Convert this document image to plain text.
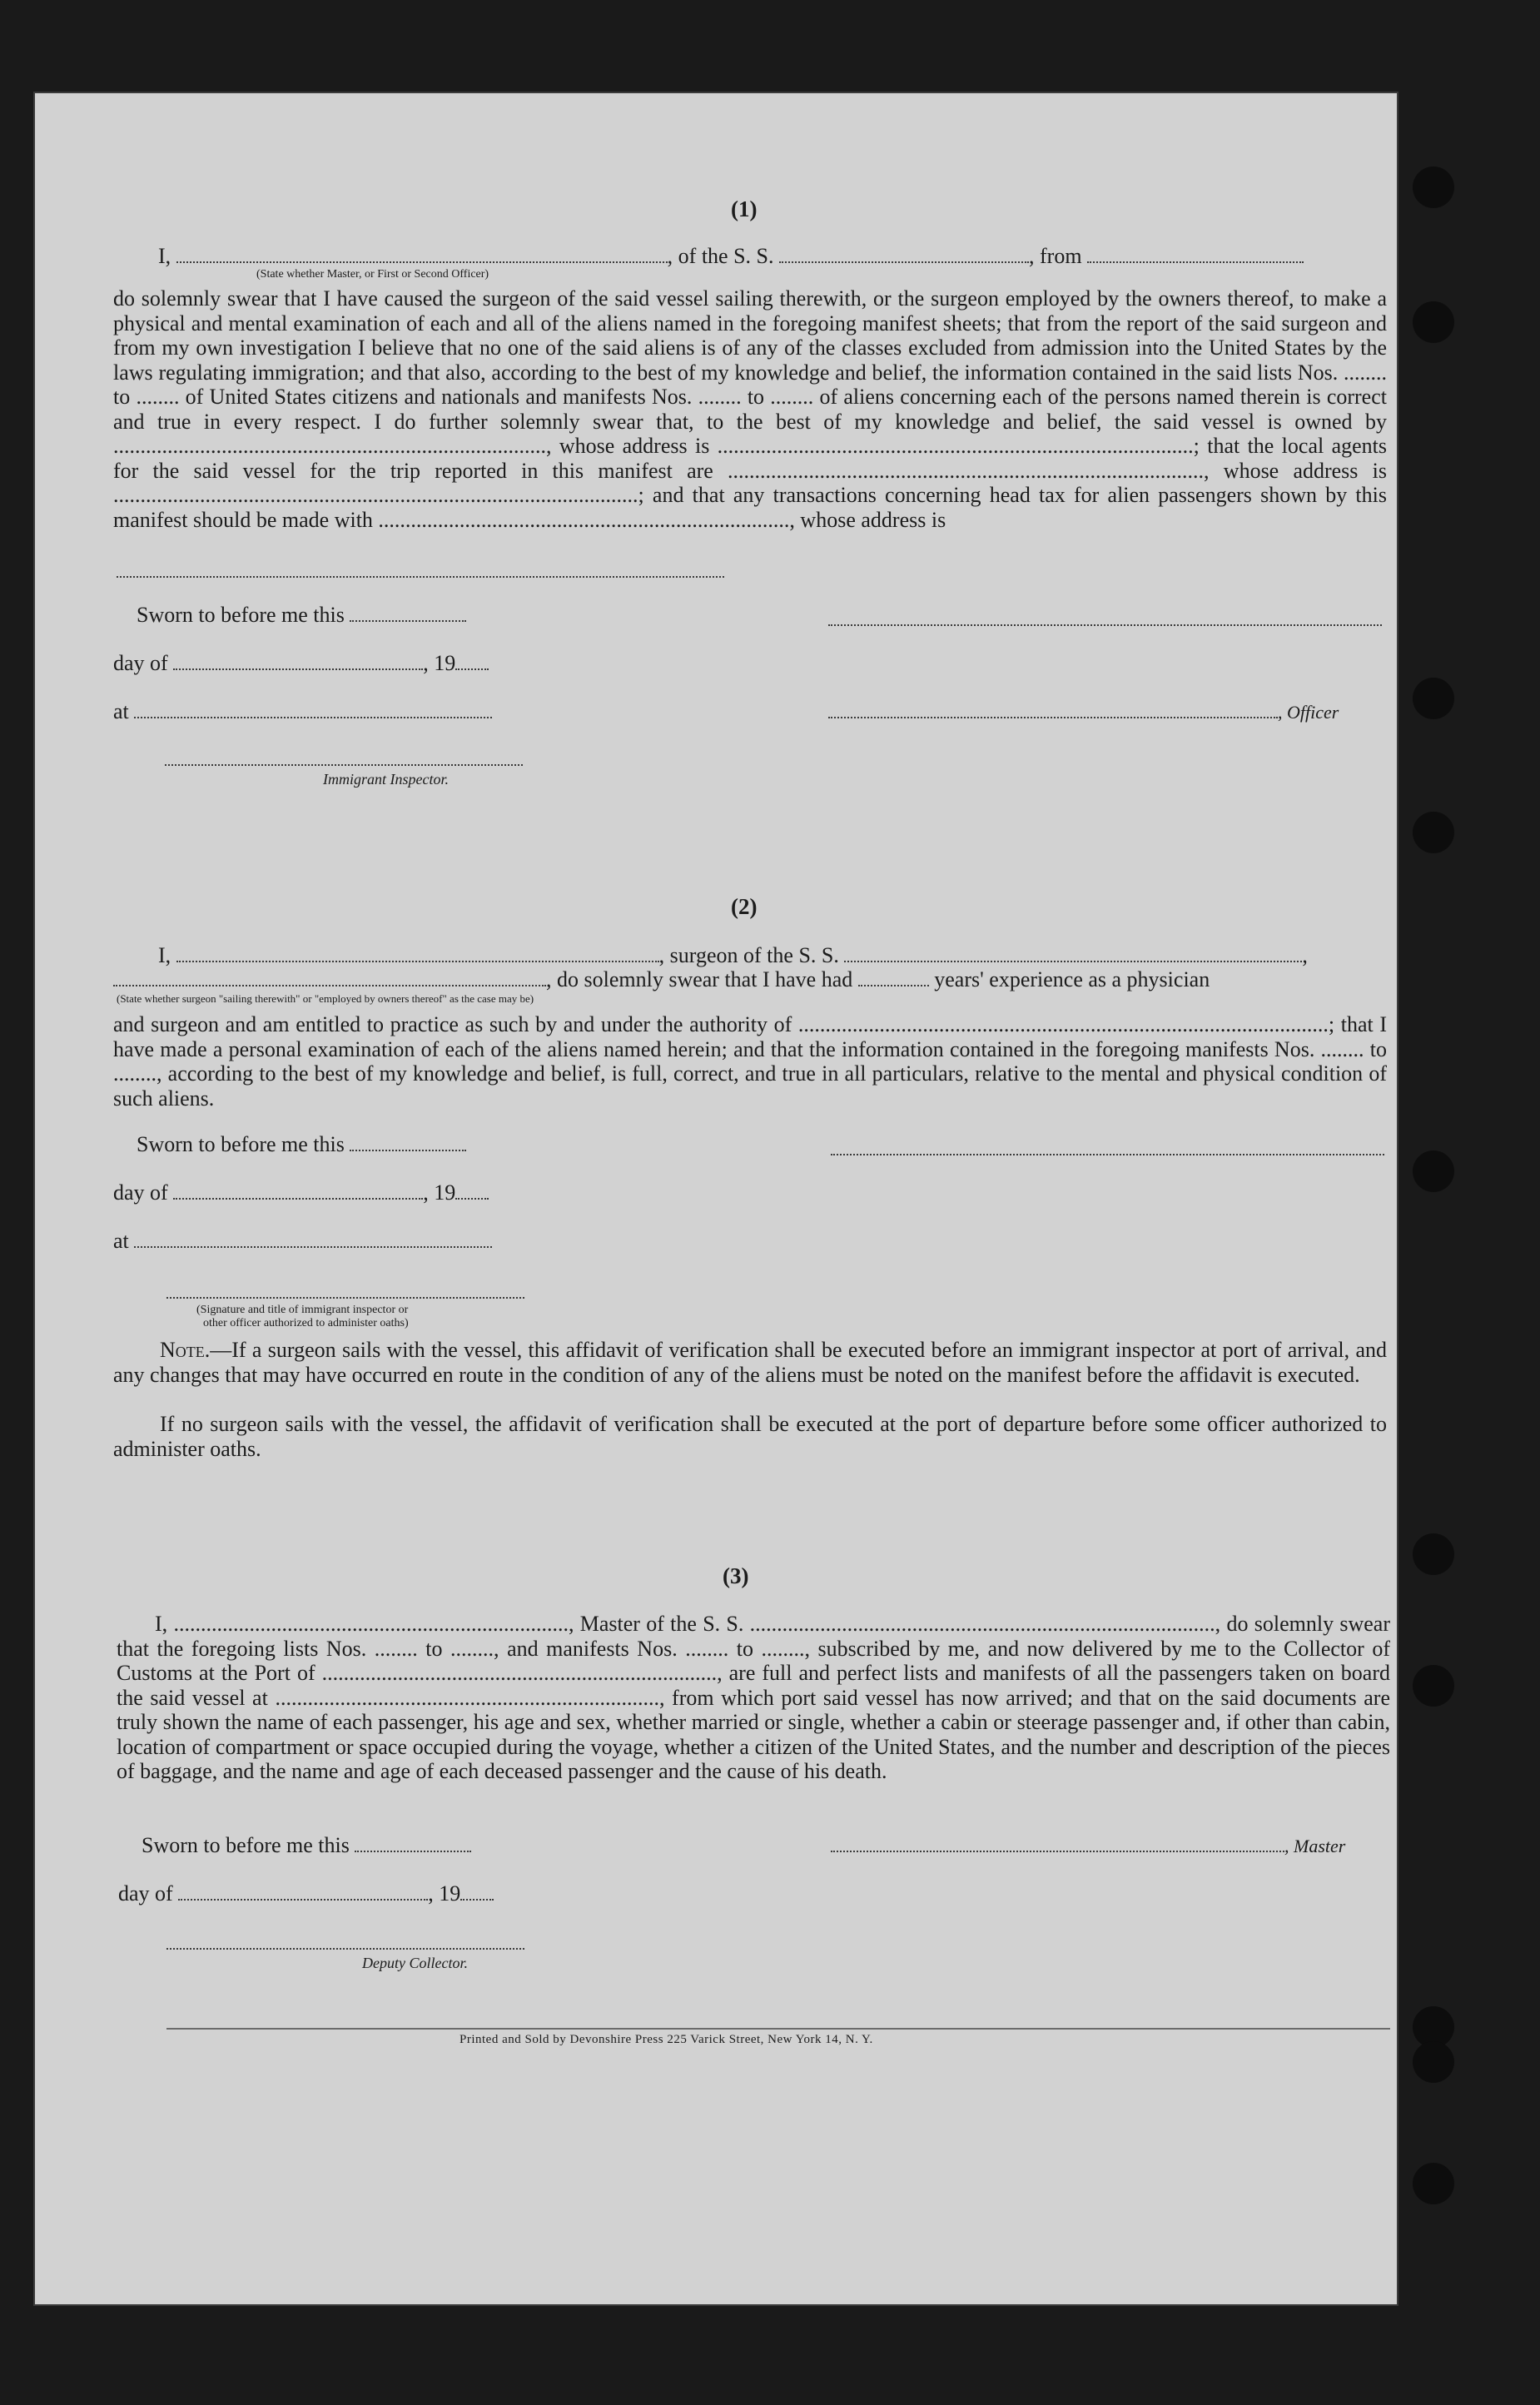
(1)
I,	, of the S. S.	, from
(State whether Master, or First or Second Officer)
do solemnly swear that I have caused the surgeon of the said vessel sailing therewith, or the surgeon employed by the owners thereof, to make a physical and mental examination of each and all of the aliens named in the foregoing manifest sheets; that from the report of the said surgeon and from my own investigation I believe that no one of the said aliens is of any of the classes excluded from admission into the United States by the laws regulating immigration; and that also, according to the best of my knowledge and belief, the information contained in the said lists Nos. ........ to ........ of United States citizens and nationals and manifests Nos. ........ to ........ of aliens concerning each of the persons named therein is correct and true in every respect. I do further solemnly swear that, to the best of my knowledge and belief, the said vessel is owned by ................................................................................, whose address is ........................................................................................; that the local agents for the said vessel for the trip reported in this manifest are ........................................................................................, whose address is .................................................................................................; and that any transactions concerning head tax for alien passengers shown by this manifest should be made with ............................................................................, whose address is
Sworn to before me this
day of	, 19
at	, Officer
Immigrant Inspector.
(2)
I,	, surgeon of the S. S.	,
, do solemnly swear that I have had	years' experience as a physician
(State whether surgeon "sailing therewith" or "employed by owners thereof" as the case may be)
and surgeon and am entitled to practice as such by and under the authority of ..................................................................................................; that I have made a personal examination of each of the aliens named herein; and that the information contained in the foregoing manifests Nos. ........ to ........, according to the best of my knowledge and belief, is full, correct, and true in all particulars, relative to the mental and physical condition of such aliens.
Sworn to before me this
day of	, 19
at
(Signature and title of immigrant inspector or
other officer authorized to administer oaths)
Note.—If a surgeon sails with the vessel, this affidavit of verification shall be executed before an immigrant inspector at port of arrival, and any changes that may have occurred en route in the condition of any of the aliens must be noted on the manifest before the affidavit is executed.
If no surgeon sails with the vessel, the affidavit of verification shall be executed at the port of departure before some officer authorized to administer oaths.
(3)
I, ........................................................................., Master of the S. S. ......................................................................................, do solemnly swear that the foregoing lists Nos. ........ to ........, and manifests Nos. ........ to ........, subscribed by me, and now delivered by me to the Collector of Customs at the Port of ........................................................................., are full and perfect lists and manifests of all the passengers taken on board the said vessel at ......................................................................., from which port said vessel has now arrived; and that on the said documents are truly shown the name of each passenger, his age and sex, whether married or single, whether a cabin or steerage passenger and, if other than cabin, location of compartment or space occupied during the voyage, whether a citizen of the United States, and the number and description of the pieces of baggage, and the name and age of each deceased passenger and the cause of his death.
Sworn to before me this	, Master
day of	, 19
Deputy Collector.
Printed and Sold by Devonshire Press 225 Varick Street, New York 14, N. Y.
